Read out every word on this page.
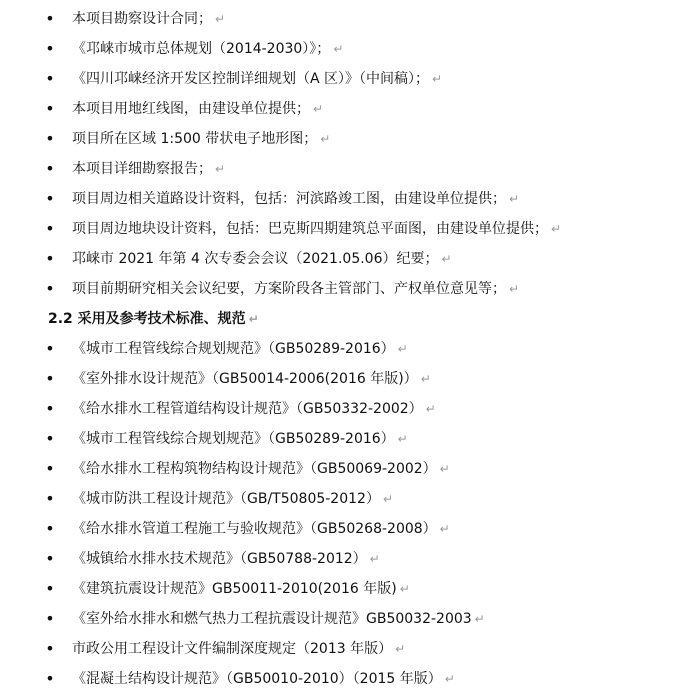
• 本项目勘察设计合同； ↵
• 《邛崃市城市总体规划（2014-2030）》； ↵
• 《四川邛崃经济开发区控制详细规划（A 区）》（中间稿）； ↵
• 本项目用地红线图，由建设单位提供； ↵
• 项目所在区域 1:500 带状电子地形图； ↵
• 本项目详细勘察报告； ↵
• 项目周边相关道路设计资料，包括：河滨路竣工图，由建设单位提供； ↵
• 项目周边地块设计资料，包括：巴克斯四期建筑总平面图，由建设单位提供； ↵
• 邛崃市 2021 年第 4 次专委会会议（2021.05.06）纪要； ↵
• 项目前期研究相关会议纪要，方案阶段各主管部门、产权单位意见等； ↵
2.2 采用及参考技术标准、规范 ↵
• 《城市工程管线综合规划规范》（GB50289-2016） ↵
• 《室外排水设计规范》（GB50014-2006(2016 年版)） ↵
• 《给水排水工程管道结构设计规范》（GB50332-2002） ↵
• 《城市工程管线综合规划规范》（GB50289-2016） ↵
• 《给水排水工程构筑物结构设计规范》（GB50069-2002） ↵
• 《城市防洪工程设计规范》（GB/T50805-2012） ↵
• 《给水排水管道工程施工与验收规范》（GB50268-2008） ↵
• 《城镇给水排水技术规范》（GB50788-2012） ↵
• 《建筑抗震设计规范》GB50011-2010(2016 年版) ↵
• 《室外给水排水和燃气热力工程抗震设计规范》GB50032-2003 ↵
• 市政公用工程设计文件编制深度规定（2013 年版） ↵
• 《混凝土结构设计规范》（GB50010-2010）（2015 年版） ↵
